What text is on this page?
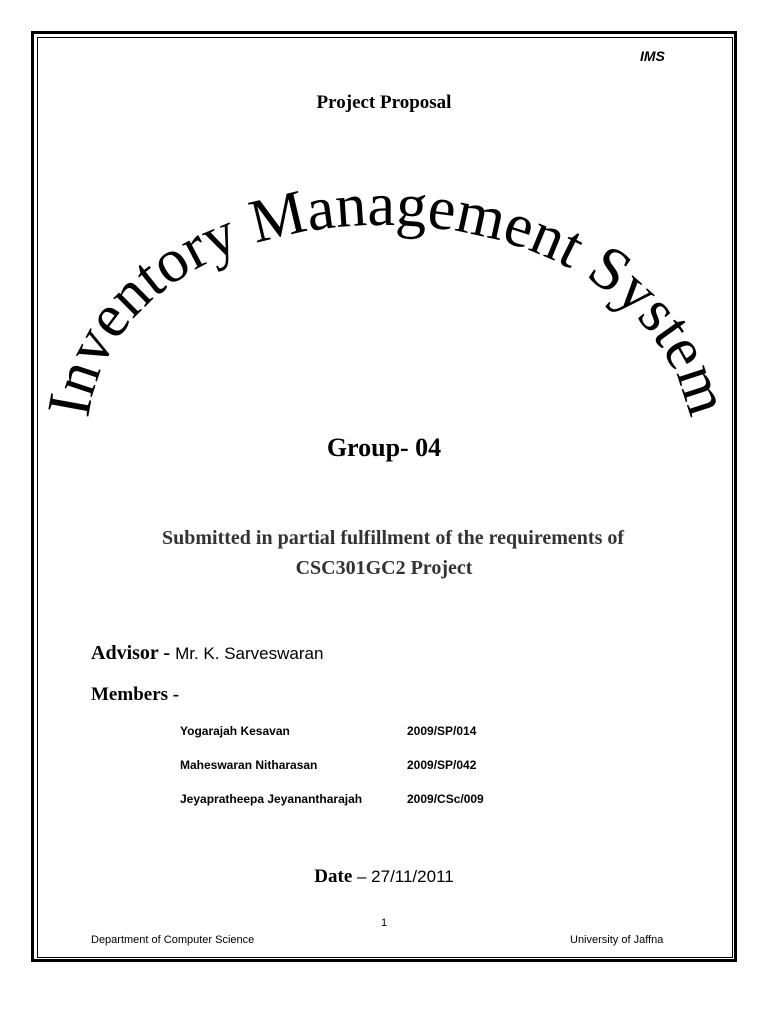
IMS
Project Proposal
Inventory Management System
Group- 04
Submitted in partial fulfillment of the requirements of
CSC301GC2 Project
Advisor - Mr. K. Sarveswaran
Members -
Yogarajah Kesavan	2009/SP/014
Maheswaran Nitharasan	2009/SP/042
Jeyapratheepa Jeyanantharajah	2009/CSc/009
Date – 27/11/2011
1
Department of Computer Science	University of Jaffna
